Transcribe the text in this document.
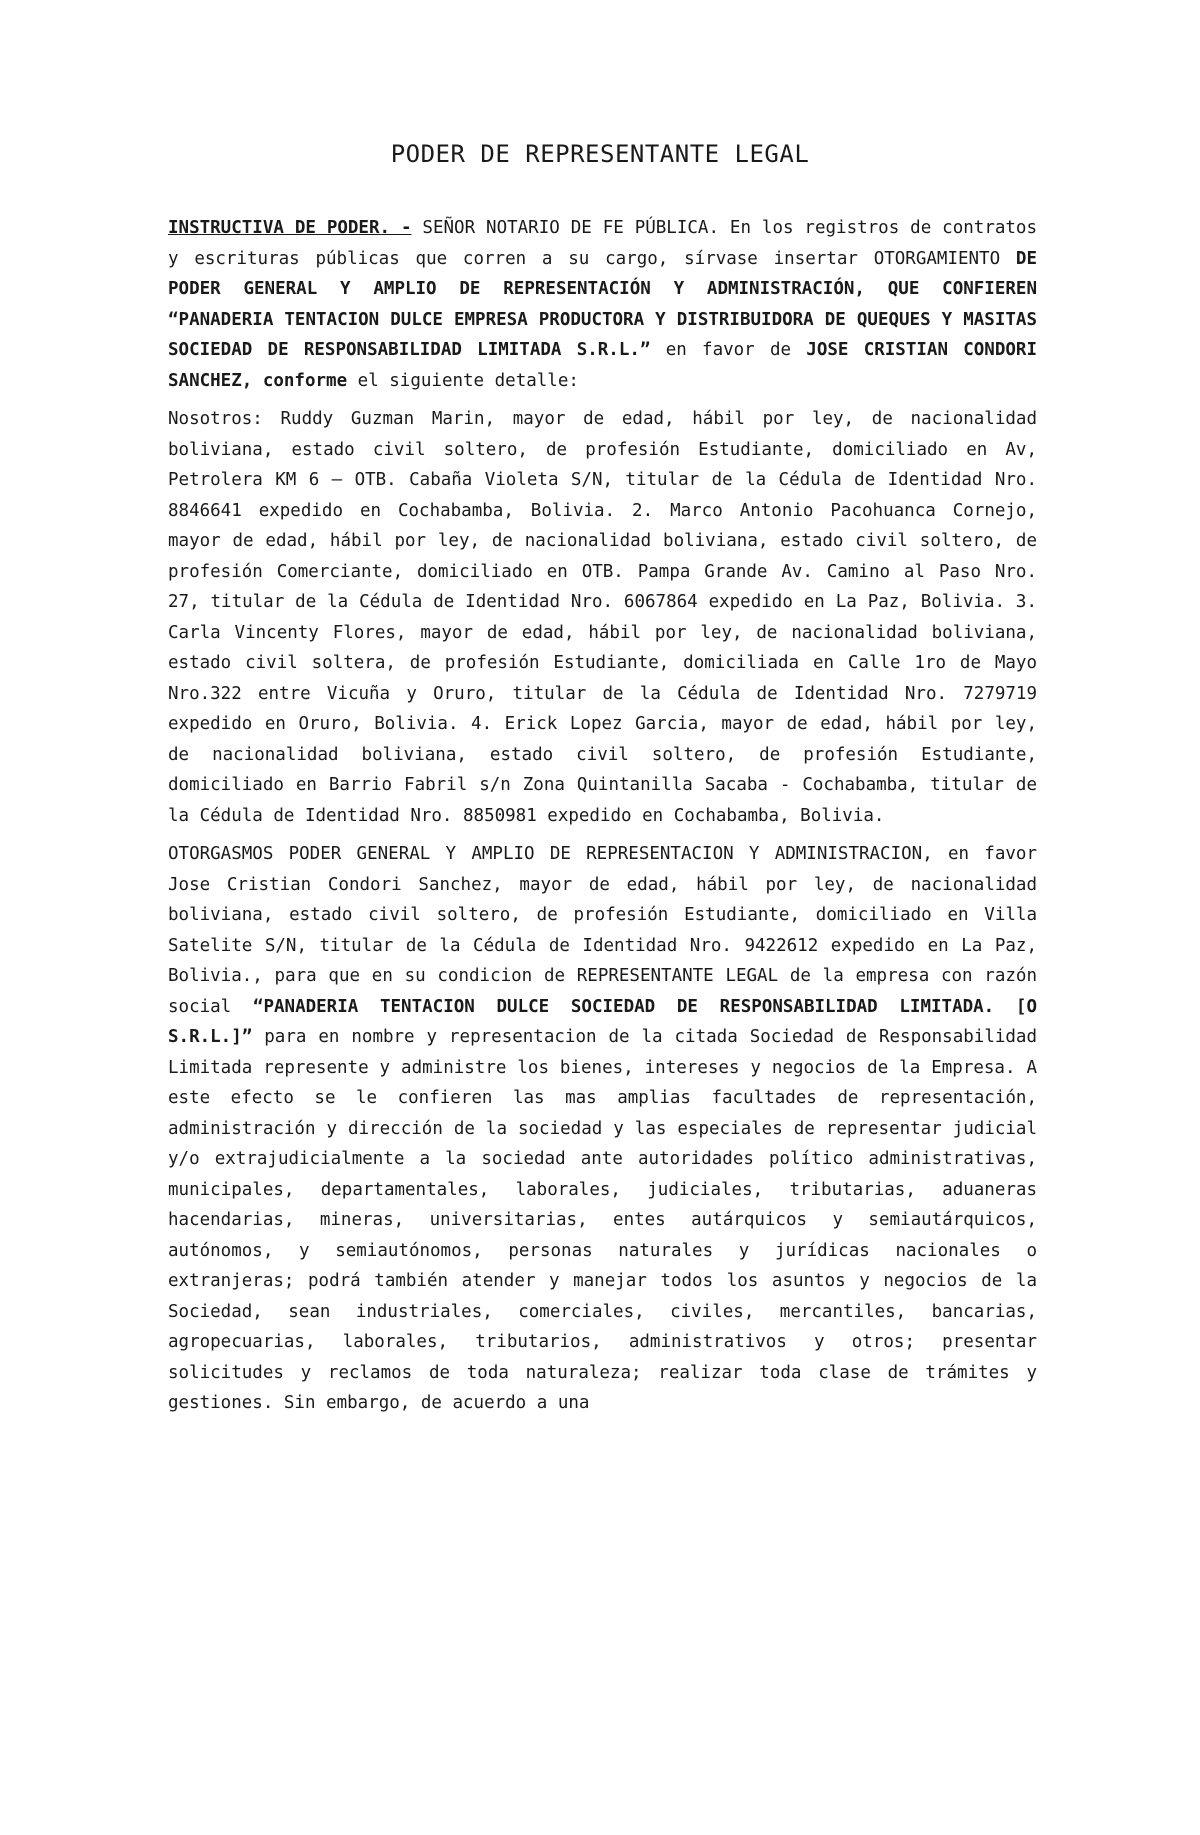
PODER DE REPRESENTANTE LEGAL

INSTRUCTIVA DE PODER. - SEÑOR NOTARIO DE FE PÚBLICA. En los registros de contratos y escrituras públicas que corren a su cargo, sírvase insertar OTORGAMIENTO DE PODER GENERAL Y AMPLIO DE REPRESENTACIÓN Y ADMINISTRACIÓN, QUE CONFIEREN “PANADERIA TENTACION DULCE EMPRESA PRODUCTORA Y DISTRIBUIDORA DE QUEQUES Y MASITAS SOCIEDAD DE RESPONSABILIDAD LIMITADA S.R.L.” en favor de JOSE CRISTIAN CONDORI SANCHEZ, conforme el siguiente detalle:

Nosotros: Ruddy Guzman Marin, mayor de edad, hábil por ley, de nacionalidad boliviana, estado civil soltero, de profesión Estudiante, domiciliado en Av, Petrolera KM 6 – OTB. Cabaña Violeta S/N, titular de la Cédula de Identidad Nro. 8846641 expedido en Cochabamba, Bolivia. 2. Marco Antonio Pacohuanca Cornejo, mayor de edad, hábil por ley, de nacionalidad boliviana, estado civil soltero, de profesión Comerciante, domiciliado en OTB. Pampa Grande Av. Camino al Paso Nro. 27, titular de la Cédula de Identidad Nro. 6067864 expedido en La Paz, Bolivia. 3. Carla Vincenty Flores, mayor de edad, hábil por ley, de nacionalidad boliviana, estado civil soltera, de profesión Estudiante, domiciliada en Calle 1ro de Mayo Nro.322 entre Vicuña y Oruro, titular de la Cédula de Identidad Nro. 7279719 expedido en Oruro, Bolivia. 4. Erick Lopez Garcia, mayor de edad, hábil por ley, de nacionalidad boliviana, estado civil soltero, de profesión Estudiante, domiciliado en Barrio Fabril s/n Zona Quintanilla Sacaba - Cochabamba, titular de la Cédula de Identidad Nro. 8850981 expedido en Cochabamba, Bolivia.

OTORGASMOS PODER GENERAL Y AMPLIO DE REPRESENTACION Y ADMINISTRACION, en favor Jose Cristian Condori Sanchez, mayor de edad, hábil por ley, de nacionalidad boliviana, estado civil soltero, de profesión Estudiante, domiciliado en Villa Satelite S/N, titular de la Cédula de Identidad Nro. 9422612 expedido en La Paz, Bolivia., para que en su condicion de REPRESENTANTE LEGAL de la empresa con razón social “PANADERIA TENTACION DULCE SOCIEDAD DE RESPONSABILIDAD LIMITADA. [O S.R.L.]” para en nombre y representacion de la citada Sociedad de Responsabilidad Limitada represente y administre los bienes, intereses y negocios de la Empresa. A este efecto se le confieren las mas amplias facultades de representación, administración y dirección de la sociedad y las especiales de representar judicial y/o extrajudicialmente a la sociedad ante autoridades político administrativas, municipales, departamentales, laborales, judiciales, tributarias, aduaneras hacendarias, mineras, universitarias, entes autárquicos y semiautárquicos, autónomos, y semiautónomos, personas naturales y jurídicas nacionales o extranjeras; podrá también atender y manejar todos los asuntos y negocios de la Sociedad, sean industriales, comerciales, civiles, mercantiles, bancarias, agropecuarias, laborales, tributarios, administrativos y otros; presentar solicitudes y reclamos de toda naturaleza; realizar toda clase de trámites y gestiones. Sin embargo, de acuerdo a una
